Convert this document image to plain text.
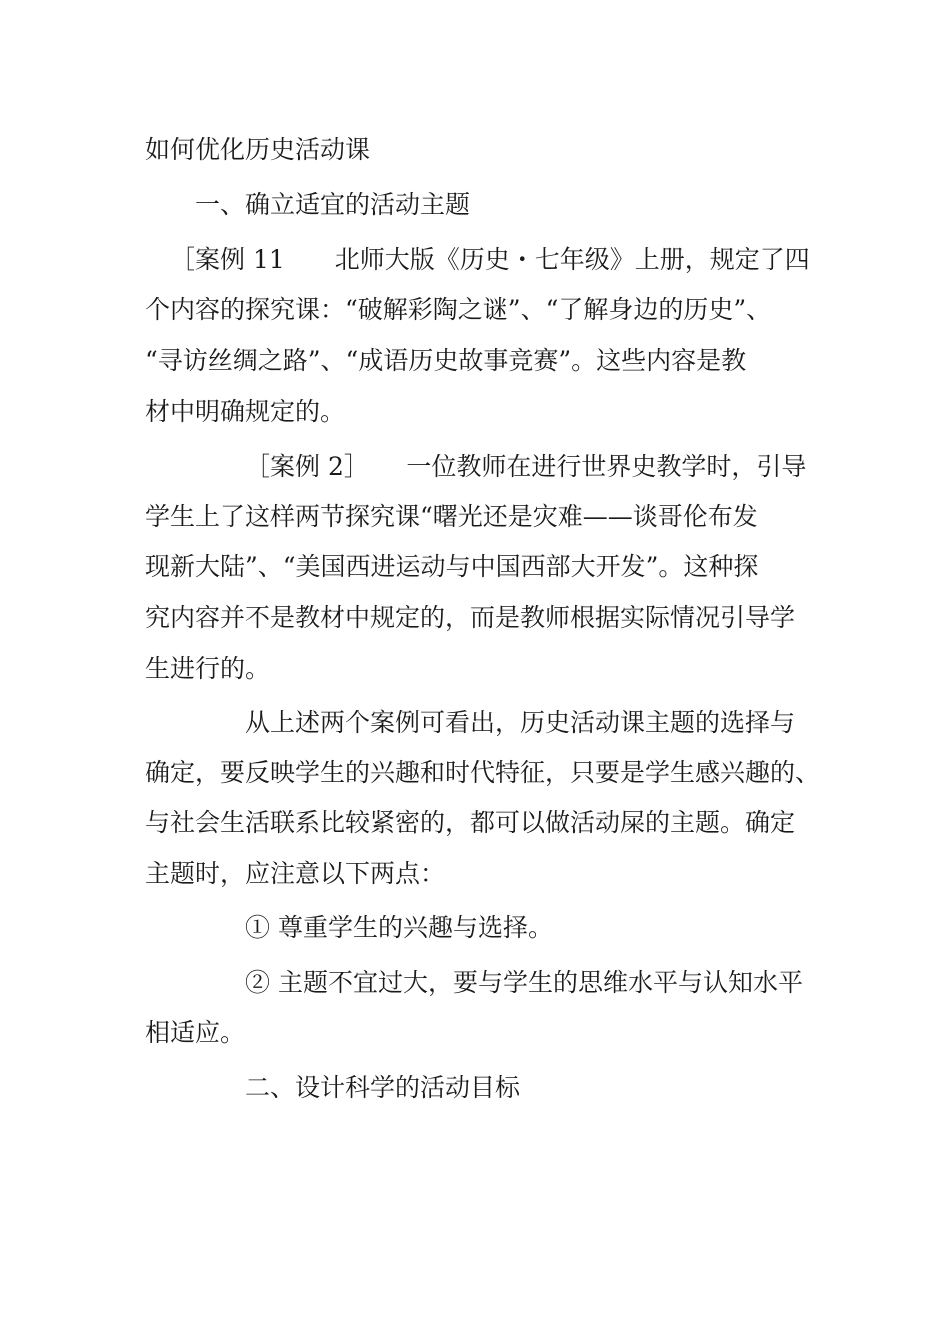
如何优化历史活动课
一、确立适宜的活动主题
［案例 11　　北师大版《历史・七年级》上册，规定了四
个内容的探究课：“破解彩陶之谜”、“了解身边的历史”、
“寻访丝绸之路”、“成语历史故事竞赛”。这些内容是教
材中明确规定的。
［案例 2］　　一位教师在进行世界史教学时，引导
学生上了这样两节探究课“曙光还是灾难——谈哥伦布发
现新大陆”、“美国西进运动与中国西部大开发”。这种探
究内容并不是教材中规定的，而是教师根据实际情况引导学
生进行的。
从上述两个案例可看出，历史活动课主题的选择与
确定，要反映学生的兴趣和时代特征，只要是学生感兴趣的、
与社会生活联系比较紧密的，都可以做活动屎的主题。确定
主题时，应注意以下两点：
① 尊重学生的兴趣与选择。
② 主题不宜过大，要与学生的思维水平与认知水平
相适应。
二、设计科学的活动目标
